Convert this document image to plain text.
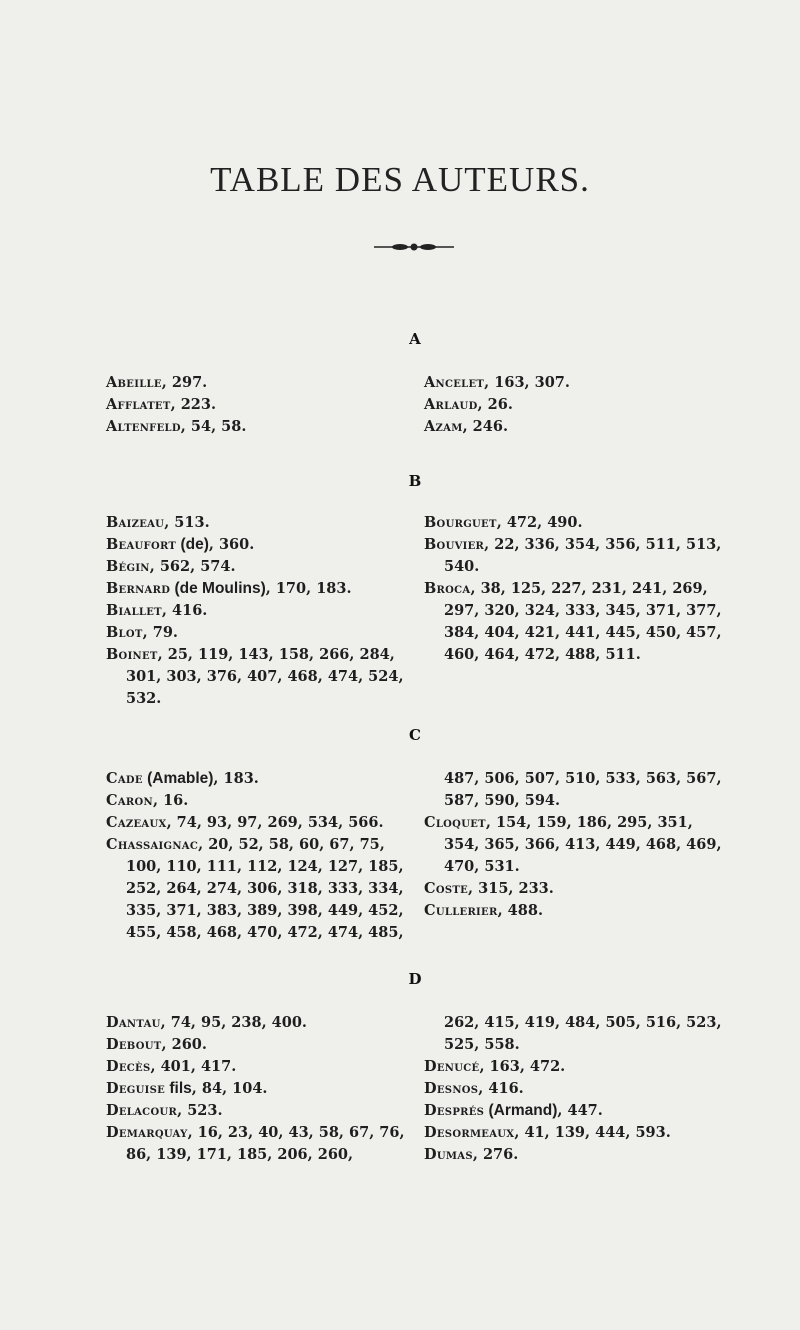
TABLE DES AUTEURS.
A
Abeille, 297.
Afflatet, 223.
Altenfeld, 54, 58.
Ancelet, 163, 307.
Arlaud, 26.
Azam, 246.
B
Baizeau, 513.
Beaufort (de), 360.
Bégin, 562, 574.
Bernard (de Moulins), 170, 183.
Biallet, 416.
Blot, 79.
Boinet, 25, 119, 143, 158, 266, 284, 301, 303, 376, 407, 468, 474, 524, 532.
Bourguet, 472, 490.
Bouvier, 22, 336, 354, 356, 511, 513, 540.
Broca, 38, 125, 227, 231, 241, 269, 297, 320, 324, 333, 345, 371, 377, 384, 404, 421, 441, 445, 450, 457, 460, 464, 472, 488, 511.
C
Cade (Amable), 183.
Caron, 16.
Cazeaux, 74, 93, 97, 269, 534, 566.
Chassaignac, 20, 52, 58, 60, 67, 75, 100, 110, 111, 112, 124, 127, 185, 252, 264, 274, 306, 318, 333, 334, 335, 371, 383, 389, 398, 449, 452, 455, 458, 468, 470, 472, 474, 485,
487, 506, 507, 510, 533, 563, 567, 587, 590, 594.
Cloquet, 154, 159, 186, 295, 351, 354, 365, 366, 413, 449, 468, 469, 470, 531.
Coste, 315, 233.
Cullerier, 488.
D
Dantau, 74, 95, 238, 400.
Debout, 260.
Decès, 401, 417.
Deguise fils, 84, 104.
Delacour, 523.
Demarquay, 16, 23, 40, 43, 58, 67, 76, 86, 139, 171, 185, 206, 260,
262, 415, 419, 484, 505, 516, 523, 525, 558.
Denucé, 163, 472.
Desnos, 416.
Després (Armand), 447.
Desormeaux, 41, 139, 444, 593.
Dumas, 276.
